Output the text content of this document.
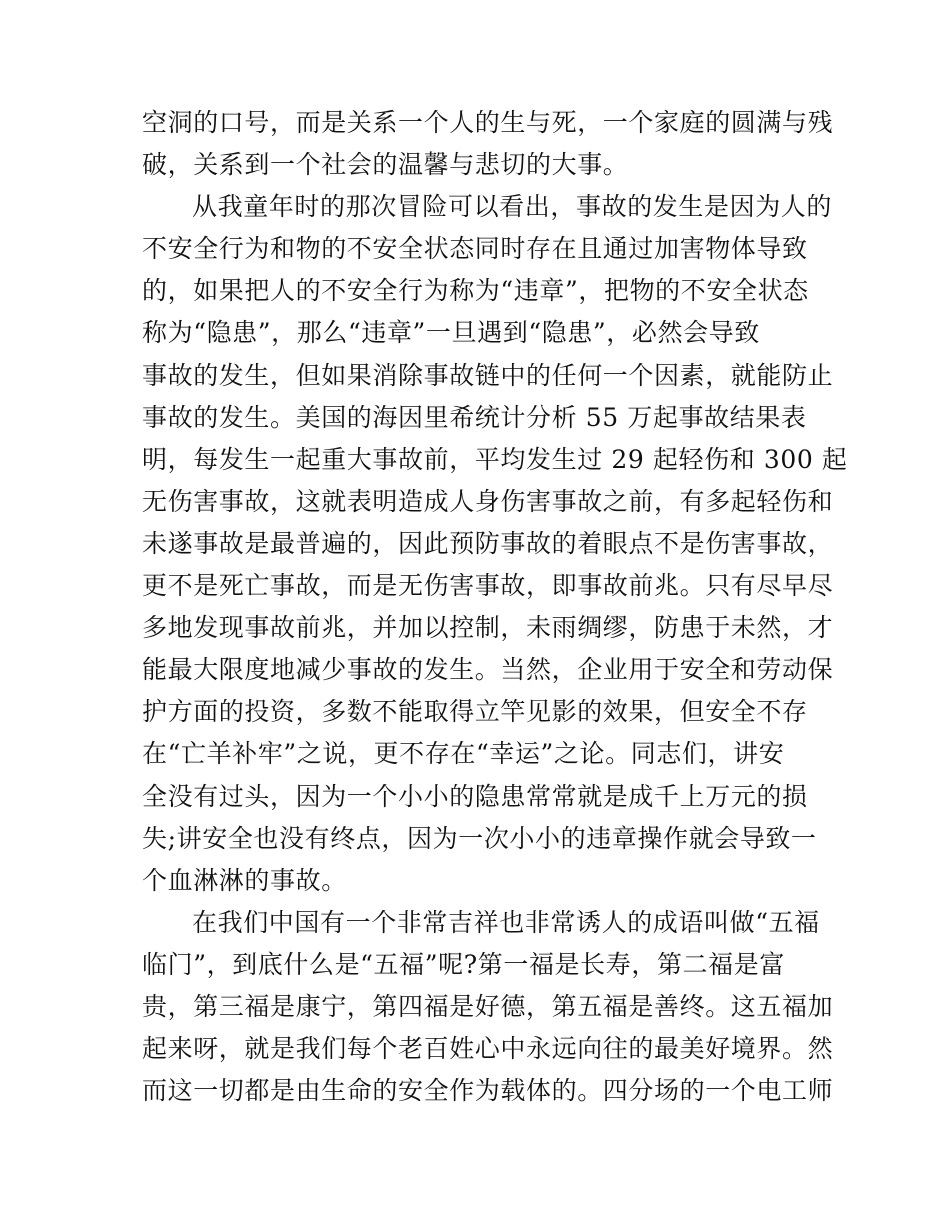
空洞的口号，而是关系一个人的生与死，一个家庭的圆满与残
破，关系到一个社会的温馨与悲切的大事。
从我童年时的那次冒险可以看出，事故的发生是因为人的
不安全行为和物的不安全状态同时存在且通过加害物体导致
的，如果把人的不安全行为称为“违章”，把物的不安全状态
称为“隐患”，那么“违章”一旦遇到“隐患”，必然会导致
事故的发生，但如果消除事故链中的任何一个因素，就能防止
事故的发生。美国的海因里希统计分析 55 万起事故结果表
明，每发生一起重大事故前，平均发生过 29 起轻伤和 300 起
无伤害事故，这就表明造成人身伤害事故之前，有多起轻伤和
未遂事故是最普遍的，因此预防事故的着眼点不是伤害事故，
更不是死亡事故，而是无伤害事故，即事故前兆。只有尽早尽
多地发现事故前兆，并加以控制，未雨绸缪，防患于未然，才
能最大限度地减少事故的发生。当然，企业用于安全和劳动保
护方面的投资，多数不能取得立竿见影的效果，但安全不存
在“亡羊补牢”之说，更不存在“幸运”之论。同志们，讲安
全没有过头，因为一个小小的隐患常常就是成千上万元的损
失;讲安全也没有终点，因为一次小小的违章操作就会导致一
个血淋淋的事故。
在我们中国有一个非常吉祥也非常诱人的成语叫做“五福
临门”，到底什么是“五福”呢?第一福是长寿，第二福是富
贵，第三福是康宁，第四福是好德，第五福是善终。这五福加
起来呀，就是我们每个老百姓心中永远向往的最美好境界。然
而这一切都是由生命的安全作为载体的。四分场的一个电工师
